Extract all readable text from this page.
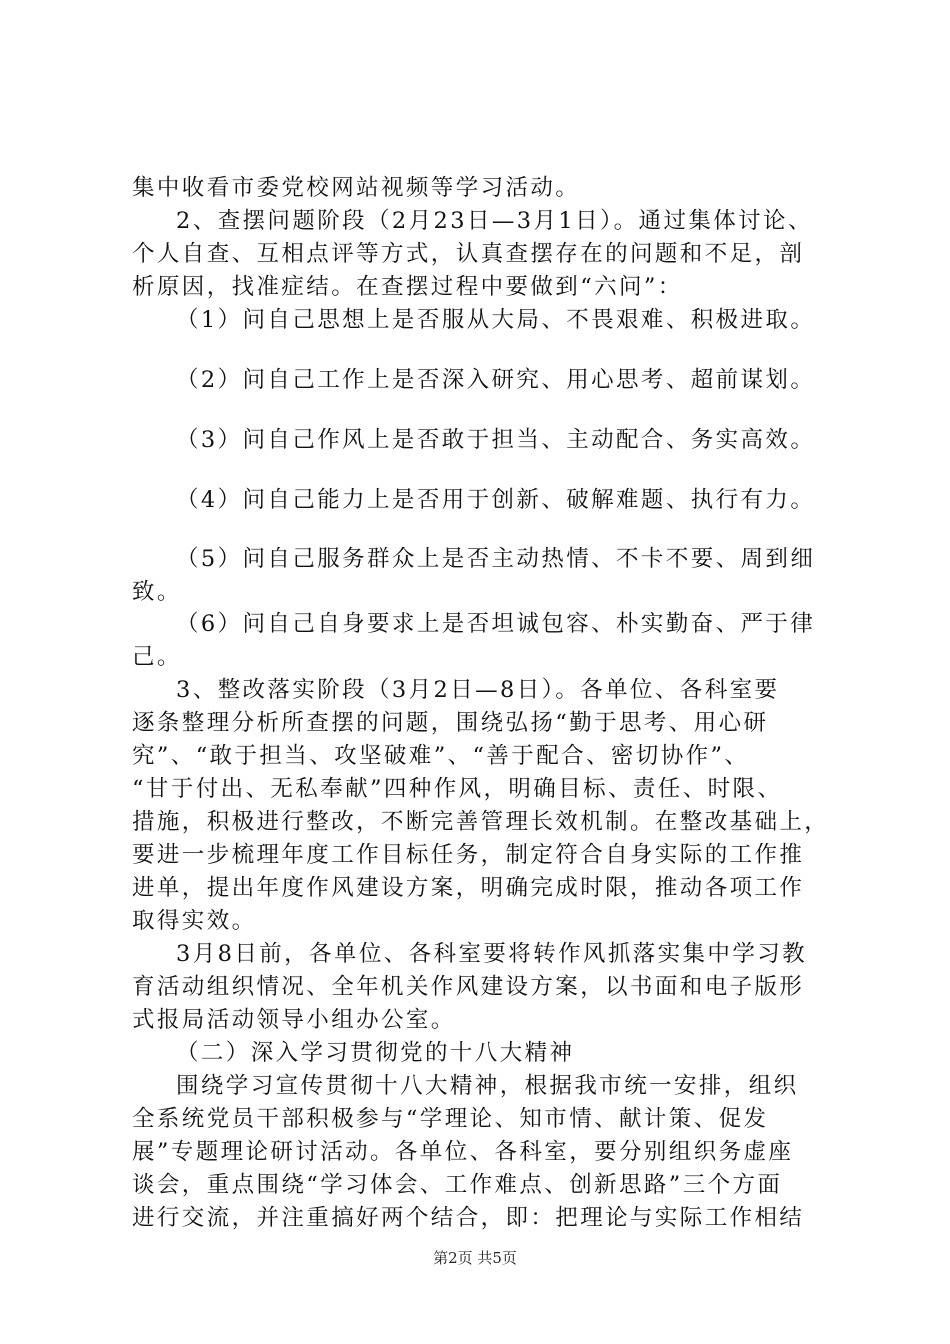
集中收看市委党校网站视频等学习活动。
2、查摆问题阶段（2月23日—3月1日）。通过集体讨论、
个人自查、互相点评等方式，认真查摆存在的问题和不足，剖
析原因，找准症结。在查摆过程中要做到“六问”：
（1）问自己思想上是否服从大局、不畏艰难、积极进取。
（2）问自己工作上是否深入研究、用心思考、超前谋划。
（3）问自己作风上是否敢于担当、主动配合、务实高效。
（4）问自己能力上是否用于创新、破解难题、执行有力。
（5）问自己服务群众上是否主动热情、不卡不要、周到细
致。
（6）问自己自身要求上是否坦诚包容、朴实勤奋、严于律
己。
3、整改落实阶段（3月2日—8日）。各单位、各科室要
逐条整理分析所查摆的问题，围绕弘扬“勤于思考、用心研
究”、“敢于担当、攻坚破难”、“善于配合、密切协作”、
“甘于付出、无私奉献”四种作风，明确目标、责任、时限、
措施，积极进行整改，不断完善管理长效机制。在整改基础上，
要进一步梳理年度工作目标任务，制定符合自身实际的工作推
进单，提出年度作风建设方案，明确完成时限，推动各项工作
取得实效。
3月8日前，各单位、各科室要将转作风抓落实集中学习教
育活动组织情况、全年机关作风建设方案，以书面和电子版形
式报局活动领导小组办公室。
（二）深入学习贯彻党的十八大精神
围绕学习宣传贯彻十八大精神，根据我市统一安排，组织
全系统党员干部积极参与“学理论、知市情、献计策、促发
展”专题理论研讨活动。各单位、各科室，要分别组织务虚座
谈会，重点围绕“学习体会、工作难点、创新思路”三个方面
进行交流，并注重搞好两个结合，即：把理论与实际工作相结
第2页 共5页
